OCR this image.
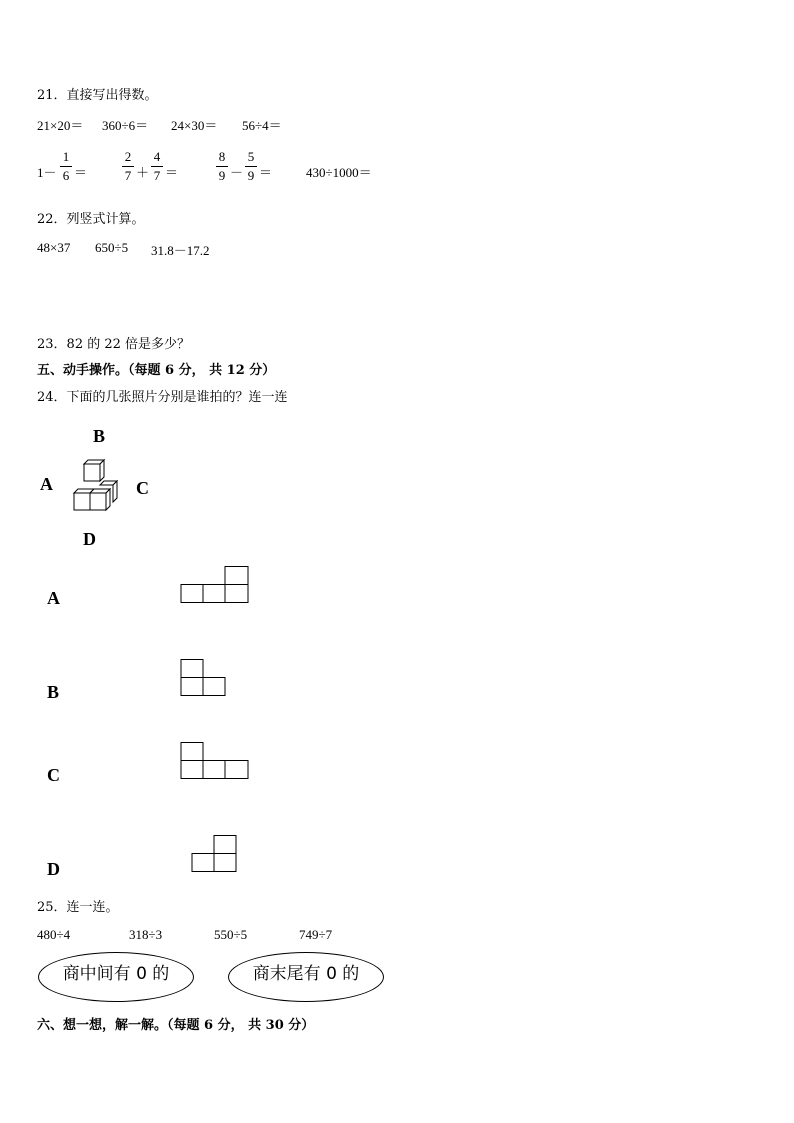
21．直接写出得数。
21×20＝ 360÷6＝ 24×30＝ 56÷4＝
1－
1
6 ＝
2
7 ＋
4
7 ＝
8
9 －
5
9 ＝	430÷1000＝
22．列竖式计算。
48×37 650÷5 31.8－17.2
23．82 的 22 倍是多少？
五、动手操作。（每题 6 分， 共 12 分）
24．下面的几张照片分别是谁拍的？连一连
B
A	C
D
A
B
C
D
25．连一连。
480÷4	318÷3	550÷5	749÷7
商中间有 0 的	商末尾有 0 的
六、想一想，解一解。（每题 6 分， 共 30 分）
